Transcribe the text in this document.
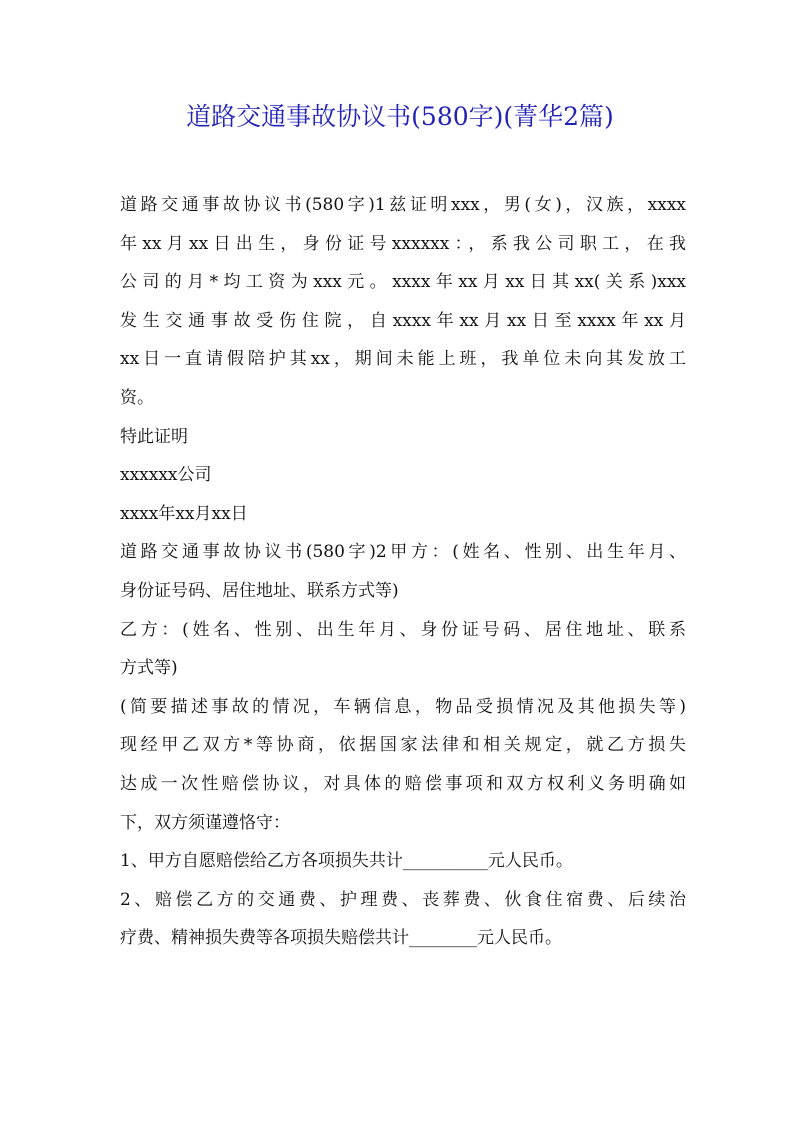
道路交通事故协议书(580字)(菁华2篇)
道路交通事故协议书(580字)1兹证明xxx，男(女)，汉族，xxxx
年xx月xx日出生，身份证号xxxxxx：，系我公司职工，在我
公司的月*均工资为xxx元。xxxx年xx月xx日其xx(关系)xxx
发生交通事故受伤住院，自xxxx年xx月xx日至xxxx年xx月
xx日一直请假陪护其xx，期间未能上班，我单位未向其发放工
资。
特此证明
xxxxxx公司
xxxx年xx月xx日
道路交通事故协议书(580字)2甲方：(姓名、性别、出生年月、
身份证号码、居住地址、联系方式等)
乙方：(姓名、性别、出生年月、身份证号码、居住地址、联系
方式等)
(简要描述事故的情况，车辆信息，物品受损情况及其他损失等)
现经甲乙双方*等协商，依据国家法律和相关规定，就乙方损失
达成一次性赔偿协议，对具体的赔偿事项和双方权利义务明确如
下，双方须谨遵恪守：
1、甲方自愿赔偿给乙方各项损失共计__________元人民币。
2、赔偿乙方的交通费、护理费、丧葬费、伙食住宿费、后续治
疗费、精神损失费等各项损失赔偿共计________元人民币。
